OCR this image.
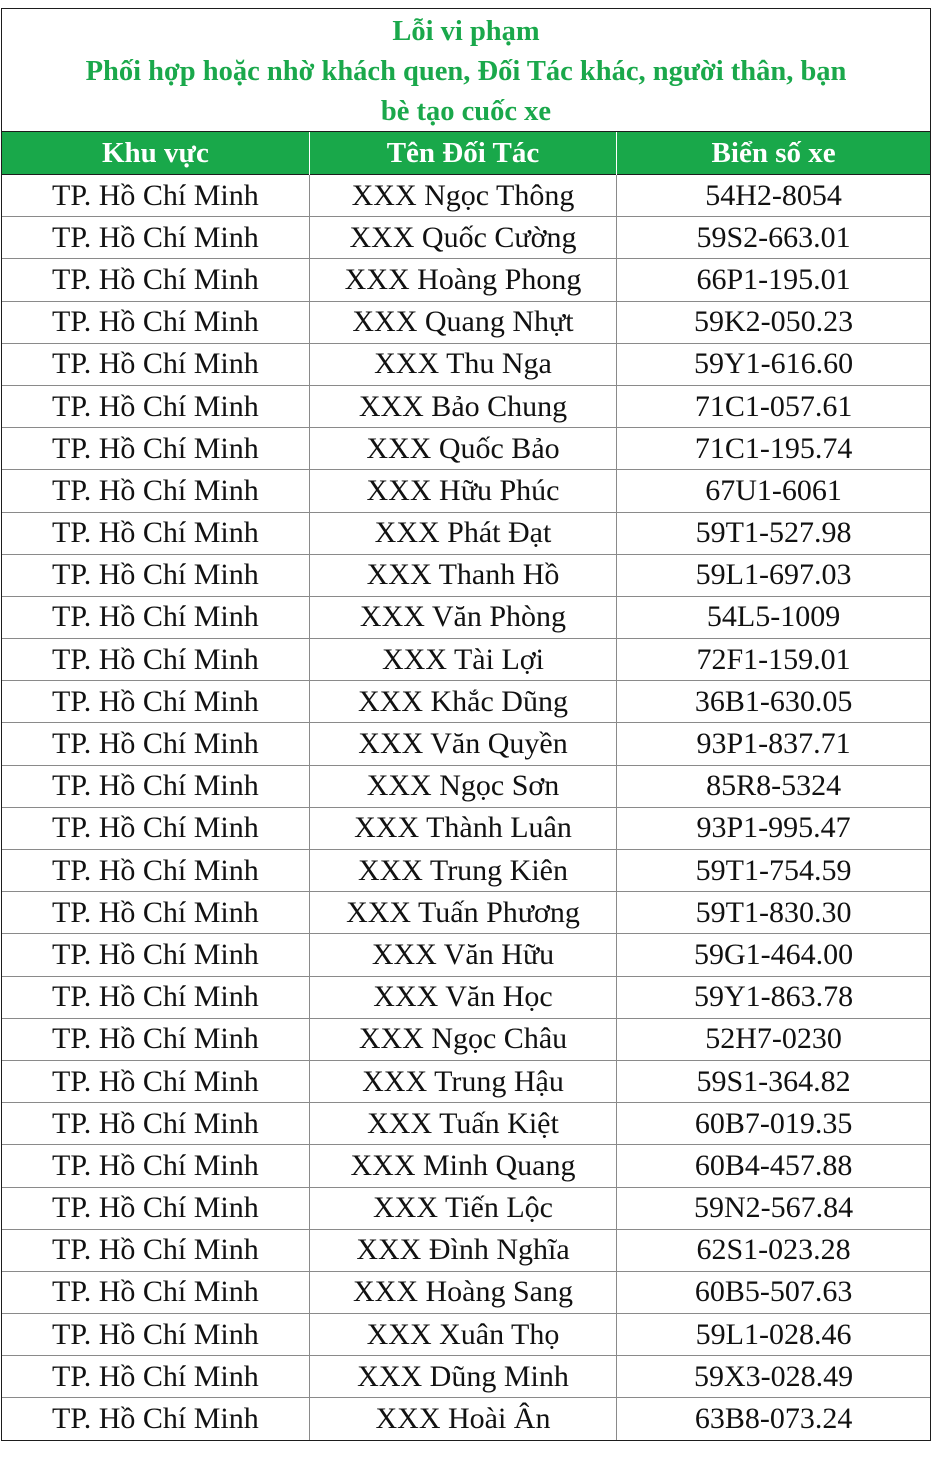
Lỗi vi phạm
Phối hợp hoặc nhờ khách quen, Đối Tác khác, người thân, bạn
bè tạo cuốc xe
Khu vực	Tên Đối Tác	Biển số xe
TP. Hồ Chí Minh	XXX Ngọc Thông	54H2-8054
TP. Hồ Chí Minh	XXX Quốc Cường	59S2-663.01
TP. Hồ Chí Minh	XXX Hoàng Phong	66P1-195.01
TP. Hồ Chí Minh	XXX Quang Nhựt	59K2-050.23
TP. Hồ Chí Minh	XXX Thu Nga	59Y1-616.60
TP. Hồ Chí Minh	XXX Bảo Chung	71C1-057.61
TP. Hồ Chí Minh	XXX Quốc Bảo	71C1-195.74
TP. Hồ Chí Minh	XXX Hữu Phúc	67U1-6061
TP. Hồ Chí Minh	XXX Phát Đạt	59T1-527.98
TP. Hồ Chí Minh	XXX Thanh Hồ	59L1-697.03
TP. Hồ Chí Minh	XXX Văn Phòng	54L5-1009
TP. Hồ Chí Minh	XXX Tài Lợi	72F1-159.01
TP. Hồ Chí Minh	XXX Khắc Dũng	36B1-630.05
TP. Hồ Chí Minh	XXX Văn Quyền	93P1-837.71
TP. Hồ Chí Minh	XXX Ngọc Sơn	85R8-5324
TP. Hồ Chí Minh	XXX Thành Luân	93P1-995.47
TP. Hồ Chí Minh	XXX Trung Kiên	59T1-754.59
TP. Hồ Chí Minh	XXX Tuấn Phương	59T1-830.30
TP. Hồ Chí Minh	XXX Văn Hữu	59G1-464.00
TP. Hồ Chí Minh	XXX Văn Học	59Y1-863.78
TP. Hồ Chí Minh	XXX Ngọc Châu	52H7-0230
TP. Hồ Chí Minh	XXX Trung Hậu	59S1-364.82
TP. Hồ Chí Minh	XXX Tuấn Kiệt	60B7-019.35
TP. Hồ Chí Minh	XXX Minh Quang	60B4-457.88
TP. Hồ Chí Minh	XXX Tiến Lộc	59N2-567.84
TP. Hồ Chí Minh	XXX Đình Nghĩa	62S1-023.28
TP. Hồ Chí Minh	XXX Hoàng Sang	60B5-507.63
TP. Hồ Chí Minh	XXX Xuân Thọ	59L1-028.46
TP. Hồ Chí Minh	XXX Dũng Minh	59X3-028.49
TP. Hồ Chí Minh	XXX Hoài Ân	63B8-073.24
